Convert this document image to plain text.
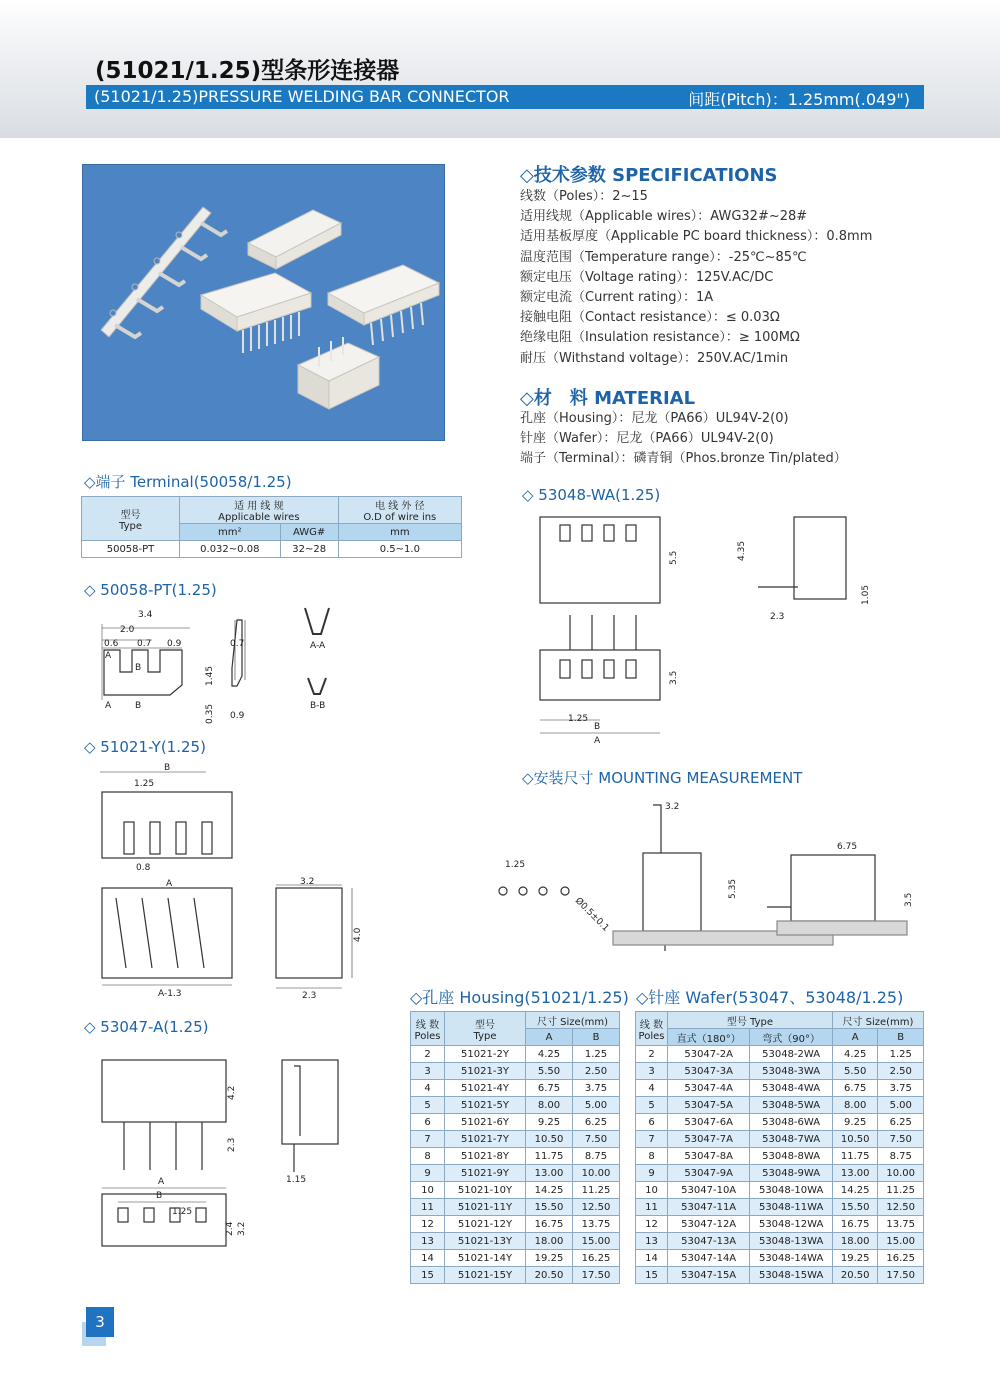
(51021/1.25)型条形连接器
(51021/1.25)PRESSURE WELDING BAR CONNECTOR	间距(Pitch)：1.25mm(.049")
◇技术参数 SPECIFICATIONS
线数（Poles）：2~15
适用线规（Applicable wires）：AWG32#~28#
适用基板厚度（Applicable PC board thickness）：0.8mm
温度范围（Temperature range）：-25℃~85℃
额定电压（Voltage rating）：125V.AC/DC
额定电流（Current rating）：1A
接触电阻（Contact resistance）：≤ 0.03Ω
绝缘电阻（Insulation resistance）：≥ 100MΩ
耐压（Withstand voltage）：250V.AC/1min
◇材　料 MATERIAL
孔座（Housing）：尼龙（PA66）UL94V-2(0)
针座（Wafer）：尼龙（PA66）UL94V-2(0)
端子（Terminal）：磷青铜（Phos.bronze Tin/plated）
◇端子 Terminal(50058/1.25)
型号
Type	适 用 线 规
Applicable wires		电 线 外 径
O.D of wire ins
	mm²	AWG#	mm
50058-PT	0.032~0.08	32~28	0.5~1.0
◇ 50058-PT(1.25)
3.4
2.0
0.6 0.7 0.9	0.7
A
B
A	B
1.45
0.35 0.9
A-A
B-B
◇ 51021-Y(1.25)
B
1.25
0.8
A
A-1.3
3.2
4.0
2.3
◇ 53047-A(1.25)
4.2
2.3
1.15
A
B
1.25
2.4 3.2
◇ 53048-WA(1.25)
5.5	4.35
2.3
1.05
3.5
1.25
B
A
◇安装尺寸 MOUNTING MEASUREMENT
3.2
1.25
5.35
6.75
3.5
Ø0.5±0.1
◇孔座 Housing(51021/1.25)
线 数
Poles	型号
Type	尺寸 Size(mm)	
		A	B
2	51021-2Y	4.25	1.25
3	51021-3Y	5.50	2.50
4	51021-4Y	6.75	3.75
5	51021-5Y	8.00	5.00
6	51021-6Y	9.25	6.25
7	51021-7Y	10.50	7.50
8	51021-8Y	11.75	8.75
9	51021-9Y	13.00	10.00
10	51021-10Y	14.25	11.25
11	51021-11Y	15.50	12.50
12	51021-12Y	16.75	13.75
13	51021-13Y	18.00	15.00
14	51021-14Y	19.25	16.25
15	51021-15Y	20.50	17.50
◇针座 Wafer(53047、53048/1.25)
线 数
Poles	型号 Type		尺寸 Size(mm)	
	直式（180°）	弯式（90°）	A	B
2	53047-2A	53048-2WA	4.25	1.25
3	53047-3A	53048-3WA	5.50	2.50
4	53047-4A	53048-4WA	6.75	3.75
5	53047-5A	53048-5WA	8.00	5.00
6	53047-6A	53048-6WA	9.25	6.25
7	53047-7A	53048-7WA	10.50	7.50
8	53047-8A	53048-8WA	11.75	8.75
9	53047-9A	53048-9WA	13.00	10.00
10	53047-10A	53048-10WA	14.25	11.25
11	53047-11A	53048-11WA	15.50	12.50
12	53047-12A	53048-12WA	16.75	13.75
13	53047-13A	53048-13WA	18.00	15.00
14	53047-14A	53048-14WA	19.25	16.25
15	53047-15A	53048-15WA	20.50	17.50
3
